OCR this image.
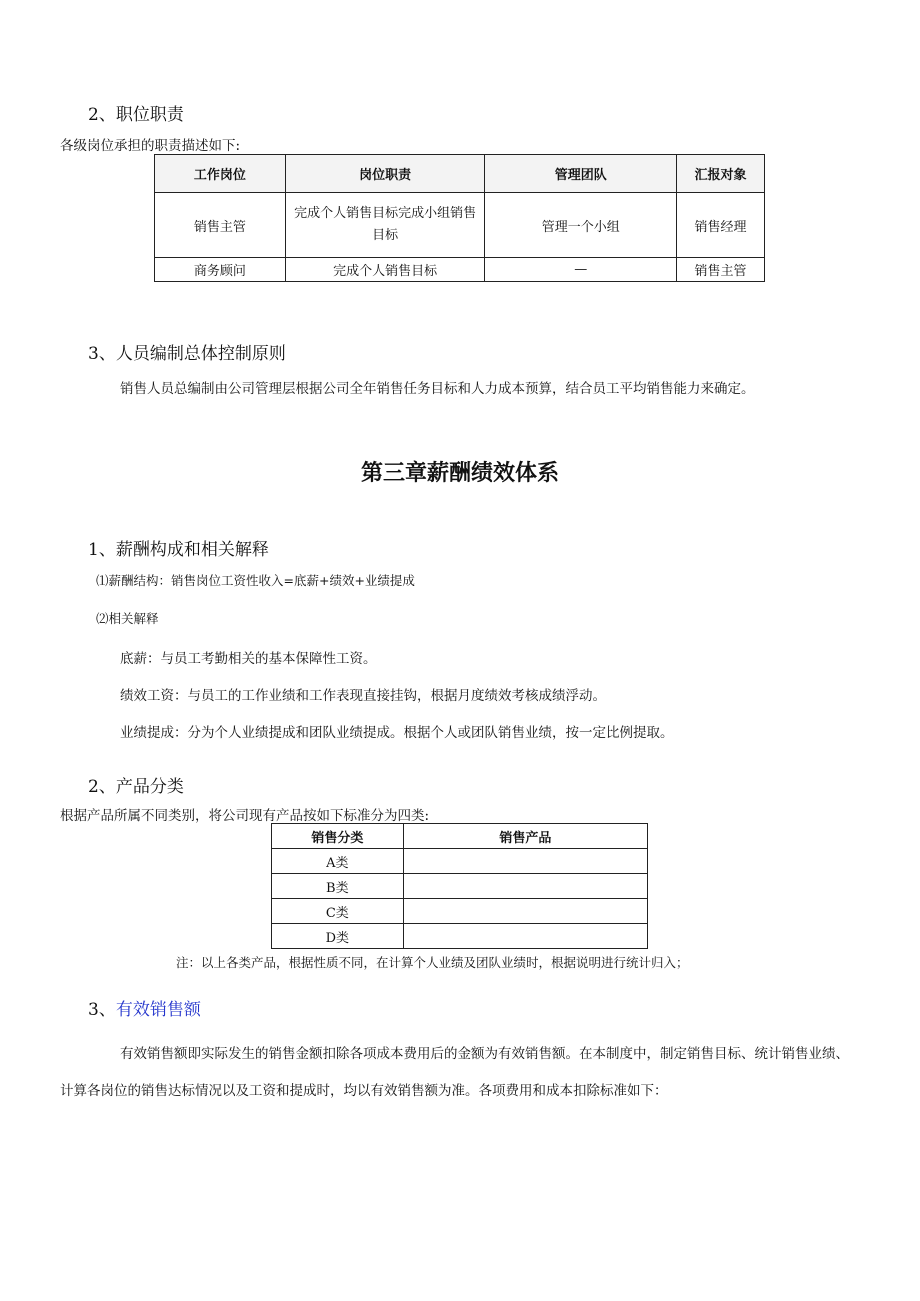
2、职位职责
各级岗位承担的职责描述如下:
工作岗位	岗位职责	管理团队	汇报对象
销售主管	完成个人销售目标完成小组销售目标	管理一个小组	销售经理
商务顾问	完成个人销售目标	—	销售主管
3、人员编制总体控制原则
销售人员总编制由公司管理层根据公司全年销售任务目标和人力成本预算，结合员工平均销售能力来确定。
第三章薪酬绩效体系
1、薪酬构成和相关解释
⑴薪酬结构：销售岗位工资性收入=底薪+绩效+业绩提成
⑵相关解释
底薪：与员工考勤相关的基本保障性工资。
绩效工资：与员工的工作业绩和工作表现直接挂钩，根据月度绩效考核成绩浮动。
业绩提成：分为个人业绩提成和团队业绩提成。根据个人或团队销售业绩，按一定比例提取。
2、产品分类
根据产品所属不同类别，将公司现有产品按如下标准分为四类:
销售分类	销售产品
A类	
B类	
C类	
D类	
注：以上各类产品，根据性质不同，在计算个人业绩及团队业绩时，根据说明进行统计归入；
3、有效销售额
有效销售额即实际发生的销售金额扣除各项成本费用后的金额为有效销售额。在本制度中，制定销售目标、统计销售业绩、计算各岗位的销售达标情况以及工资和提成时，均以有效销售额为准。各项费用和成本扣除标准如下：
